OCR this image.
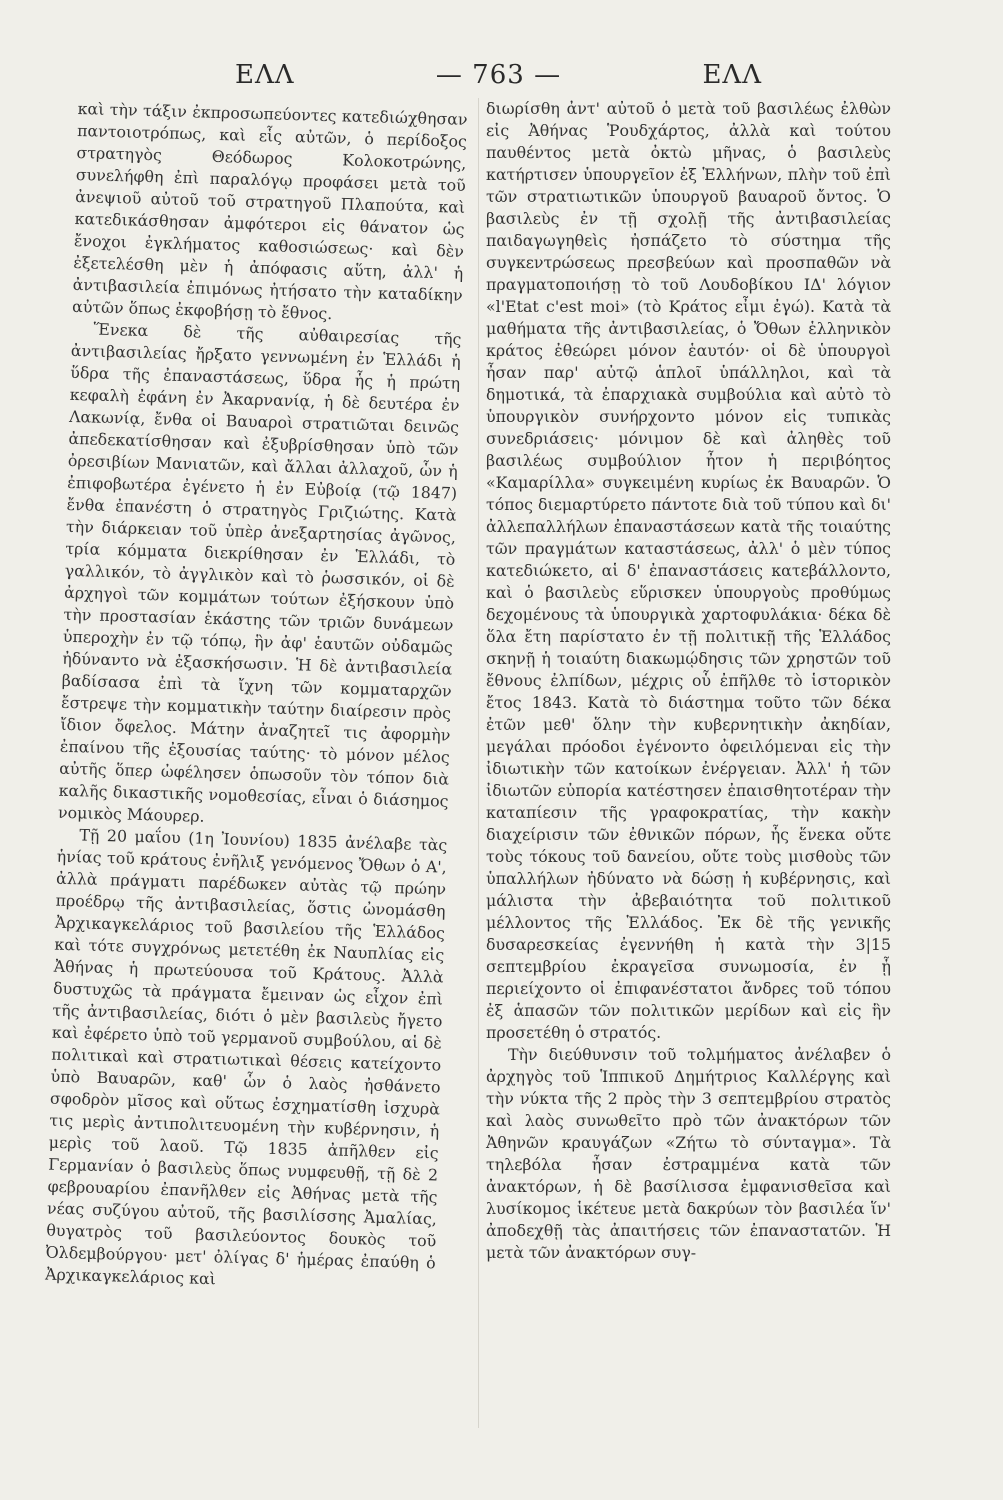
ΕΛΛ	— 763 —	ΕΛΛ

καὶ τὴν τάξιν ἐκπροσωπεύοντες κατεδιώχθησαν παντοιοτρόπως, καὶ εἷς αὐτῶν, ὁ περίδοξος στρατηγὸς Θεόδωρος Κολοκοτρώνης, συνελήφθη ἐπὶ παραλόγῳ προφάσει μετὰ τοῦ ἀνεψιοῦ αὐτοῦ τοῦ στρατηγοῦ Πλαπούτα, καὶ κατεδικάσθησαν ἀμφότεροι εἰς θάνατον ὡς ἔνοχοι ἐγκλήματος καθοσιώσεως· καὶ δὲν ἐξετελέσθη μὲν ἡ ἀπόφασις αὕτη, ἀλλ' ἡ ἀντιβασιλεία ἐπιμόνως ἠτήσατο τὴν καταδίκην αὐτῶν ὅπως ἐκφοβήσῃ τὸ ἔθνος.

Ἕνεκα δὲ τῆς αὐθαιρεσίας τῆς ἀντιβασιλείας ἤρξατο γεννωμένη ἐν Ἑλλάδι ἡ ὕδρα τῆς ἐπαναστάσεως, ὕδρα ἧς ἡ πρώτη κεφαλὴ ἐφάνη ἐν Ἀκαρνανίᾳ, ἡ δὲ δευτέρα ἐν Λακωνίᾳ, ἔνθα οἱ Βαυαροὶ στρατιῶται δεινῶς ἀπεδεκατίσθησαν καὶ ἐξυβρίσθησαν ὑπὸ τῶν ὀρεσιβίων Μανιατῶν, καὶ ἄλλαι ἀλλαχοῦ, ὧν ἡ ἐπιφοβωτέρα ἐγένετο ἡ ἐν Εὐβοίᾳ (τῷ 1847) ἔνθα ἐπανέστη ὁ στρατηγὸς Γριζιώτης. Κατὰ τὴν διάρκειαν τοῦ ὑπὲρ ἀνεξαρτησίας ἀγῶνος, τρία κόμματα διεκρίθησαν ἐν Ἑλλάδι, τὸ γαλλικόν, τὸ ἀγγλικὸν καὶ τὸ ῥωσσικόν, οἱ δὲ ἀρχηγοὶ τῶν κομμάτων τούτων ἐξήσκουν ὑπὸ τὴν προστασίαν ἑκάστης τῶν τριῶν δυνάμεων ὑπεροχὴν ἐν τῷ τόπῳ, ἣν ἀφ' ἑαυτῶν οὐδαμῶς ἠδύναντο νὰ ἐξασκήσωσιν. Ἡ δὲ ἀντιβασιλεία βαδίσασα ἐπὶ τὰ ἴχνη τῶν κομματαρχῶν ἔστρεψε τὴν κομματικὴν ταύτην διαίρεσιν πρὸς ἴδιον ὄφελος. Μάτην ἀναζητεῖ τις ἀφορμὴν ἐπαίνου τῆς ἐξουσίας ταύτης· τὸ μόνον μέλος αὐτῆς ὅπερ ὠφέλησεν ὁπωσοῦν τὸν τόπον διὰ καλῆς δικαστικῆς νομοθεσίας, εἶναι ὁ διάσημος νομικὸς Μάουρερ.

Τῇ 20 μαΐου (1η Ἰουνίου) 1835 ἀνέλαβε τὰς ἡνίας τοῦ κράτους ἐνῆλιξ γενόμενος Ὄθων ὁ Α', ἀλλὰ πράγματι παρέδωκεν αὐτὰς τῷ πρώην προέδρῳ τῆς ἀντιβασιλείας, ὅστις ὠνομάσθη Ἀρχικαγκελάριος τοῦ βασιλείου τῆς Ἑλλάδος καὶ τότε συγχρόνως μετετέθη ἐκ Ναυπλίας εἰς Ἀθήνας ἡ πρωτεύουσα τοῦ Κράτους. Ἀλλὰ δυστυχῶς τὰ πράγματα ἔμειναν ὡς εἶχον ἐπὶ τῆς ἀντιβασιλείας, διότι ὁ μὲν βασιλεὺς ἤγετο καὶ ἐφέρετο ὑπὸ τοῦ γερμανοῦ συμβούλου, αἱ δὲ πολιτικαὶ καὶ στρατιωτικαὶ θέσεις κατείχοντο ὑπὸ Βαυαρῶν, καθ' ὧν ὁ λαὸς ἠσθάνετο σφοδρὸν μῖσος καὶ οὕτως ἐσχηματίσθη ἰσχυρὰ τις μερὶς ἀντιπολιτευομένη τὴν κυβέρνησιν, ἡ μερὶς τοῦ λαοῦ. Τῷ 1835 ἀπῆλθεν εἰς Γερμανίαν ὁ βασιλεὺς ὅπως νυμφευθῇ, τῇ δὲ 2 φεβρουαρίου ἐπανῆλθεν εἰς Ἀθήνας μετὰ τῆς νέας συζύγου αὐτοῦ, τῆς βασιλίσσης Ἀμαλίας, θυγατρὸς τοῦ βασιλεύοντος δουκὸς τοῦ Ὀλδεμβούργου· μετ' ὀλίγας δ' ἡμέρας ἐπαύθη ὁ Ἀρχικαγκελάριος καὶ

διωρίσθη ἀντ' αὐτοῦ ὁ μετὰ τοῦ βασιλέως ἐλθὼν εἰς Ἀθήνας Ῥουδχάρτος, ἀλλὰ καὶ τούτου παυθέντος μετὰ ὀκτὼ μῆνας, ὁ βασιλεὺς κατήρτισεν ὑπουργεῖον ἐξ Ἑλλήνων, πλὴν τοῦ ἐπὶ τῶν στρατιωτικῶν ὑπουργοῦ βαυαροῦ ὄντος. Ὁ βασιλεὺς ἐν τῇ σχολῇ τῆς ἀντιβασιλείας παιδαγωγηθεὶς ἠσπάζετο τὸ σύστημα τῆς συγκεντρώσεως πρεσβεύων καὶ προσπαθῶν νὰ πραγματοποιήσῃ τὸ τοῦ Λουδοβίκου ΙΔ' λόγιον «l'Etat c'est moi» (τὸ Κράτος εἶμι ἐγώ). Κατὰ τὰ μαθήματα τῆς ἀντιβασιλείας, ὁ Ὄθων ἑλληνικὸν κράτος ἐθεώρει μόνον ἑαυτόν· οἱ δὲ ὑπουργοὶ ἦσαν παρ' αὐτῷ ἁπλοῖ ὑπάλληλοι, καὶ τὰ δημοτικά, τὰ ἐπαρχιακὰ συμβούλια καὶ αὐτὸ τὸ ὑπουργικὸν συνήρχοντο μόνον εἰς τυπικὰς συνεδριάσεις· μόνιμον δὲ καὶ ἀληθὲς τοῦ βασιλέως συμβούλιον ἦτον ἡ περιβόητος «Καμαρίλλα» συγκειμένη κυρίως ἐκ Βαυαρῶν. Ὁ τόπος διεμαρτύρετο πάντοτε διὰ τοῦ τύπου καὶ δι' ἀλλεπαλλήλων ἐπαναστάσεων κατὰ τῆς τοιαύτης τῶν πραγμάτων καταστάσεως, ἀλλ' ὁ μὲν τύπος κατεδιώκετο, αἱ δ' ἐπαναστάσεις κατεβάλλοντο, καὶ ὁ βασιλεὺς εὕρισκεν ὑπουργοὺς προθύμως δεχομένους τὰ ὑπουργικὰ χαρτοφυλάκια· δέκα δὲ ὅλα ἔτη παρίστατο ἐν τῇ πολιτικῇ τῆς Ἑλλάδος σκηνῇ ἡ τοιαύτη διακωμῴδησις τῶν χρηστῶν τοῦ ἔθνους ἐλπίδων, μέχρις οὗ ἐπῆλθε τὸ ἱστορικὸν ἔτος 1843. Κατὰ τὸ διάστημα τοῦτο τῶν δέκα ἐτῶν μεθ' ὅλην τὴν κυβερνητικὴν ἀκηδίαν, μεγάλαι πρόοδοι ἐγένοντο ὀφειλόμεναι εἰς τὴν ἰδιωτικὴν τῶν κατοίκων ἐνέργειαν. Ἀλλ' ἡ τῶν ἰδιωτῶν εὐπορία κατέστησεν ἐπαισθητοτέραν τὴν καταπίεσιν τῆς γραφοκρατίας, τὴν κακὴν διαχείρισιν τῶν ἐθνικῶν πόρων, ἧς ἕνεκα οὔτε τοὺς τόκους τοῦ δανείου, οὔτε τοὺς μισθοὺς τῶν ὑπαλλήλων ἠδύνατο νὰ δώσῃ ἡ κυβέρνησις, καὶ μάλιστα τὴν ἀβεβαιότητα τοῦ πολιτικοῦ μέλλοντος τῆς Ἑλλάδος. Ἐκ δὲ τῆς γενικῆς δυσαρεσκείας ἐγεννήθη ἡ κατὰ τὴν 3|15 σεπτεμβρίου ἐκραγεῖσα συνωμοσία, ἐν ᾗ περιείχοντο οἱ ἐπιφανέστατοι ἄνδρες τοῦ τόπου ἐξ ἁπασῶν τῶν πολιτικῶν μερίδων καὶ εἰς ἣν προσετέθη ὁ στρατός.

Τὴν διεύθυνσιν τοῦ τολμήματος ἀνέλαβεν ὁ ἀρχηγὸς τοῦ Ἱππικοῦ Δημήτριος Καλλέργης καὶ τὴν νύκτα τῆς 2 πρὸς τὴν 3 σεπτεμβρίου στρατὸς καὶ λαὸς συνωθεῖτο πρὸ τῶν ἀνακτόρων τῶν Ἀθηνῶν κραυγάζων «Ζήτω τὸ σύνταγμα». Τὰ τηλεβόλα ἦσαν ἐστραμμένα κατὰ τῶν ἀνακτόρων, ἡ δὲ βασίλισσα ἐμφανισθεῖσα καὶ λυσίκομος ἱκέτευε μετὰ δακρύων τὸν βασιλέα ἵν' ἀποδεχθῇ τὰς ἀπαιτήσεις τῶν ἐπαναστατῶν. Ἡ μετὰ τῶν ἀνακτόρων συγ-
